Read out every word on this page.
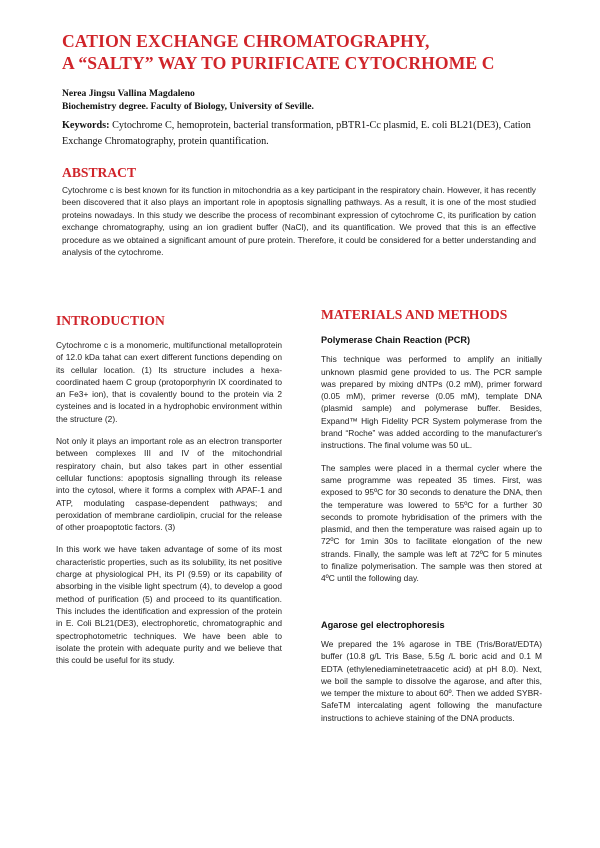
CATION EXCHANGE CHROMATOGRAPHY,
A “SALTY” WAY TO PURIFICATE CYTOCRHOME C
Nerea Jingsu Vallina Magdaleno
Biochemistry degree. Faculty of Biology, University of Seville.
Keywords: Cytochrome C, hemoprotein, bacterial transformation, pBTR1-Cc plasmid, E. coli BL21(DE3), Cation Exchange Chromatography, protein quantification.
ABSTRACT

Cytochrome c is best known for its function in mitochondria as a key participant in the respiratory chain. However, it has recently been discovered that it also plays an important role in apoptosis signalling pathways. As a result, it is one of the most studied proteins nowadays. In this study we describe the process of recombinant expression of cytochrome C, its purification by cation exchange chromatography, using an ion gradient buffer (NaCl), and its quantification. We proved that this is an effective procedure as we obtained a significant amount of pure protein. Therefore, it could be considered for a better understanding and analysis of the cytochrome.

INTRODUCTION

Cytochrome c is a monomeric, multifunctional metalloprotein of 12.0 kDa tahat can exert different functions depending on its cellular location. (1) Its structure includes a hexa-coordinated haem C group (protoporphyrin IX coordinated to an Fe3+ ion), that is covalently bound to the protein via 2 cysteines and is located in a hydrophobic environment within the structure (2).

Not only it plays an important role as an electron transporter between complexes III and IV of the mitochondrial respiratory chain, but also takes part in other essential cellular functions: apoptosis signalling through its release into the cytosol, where it forms a complex with APAF-1 and ATP, modulating caspase-dependent pathways; and peroxidation of membrane cardiolipin, crucial for the release of other proapoptotic factors. (3)

In this work we have taken advantage of some of its most characteristic properties, such as its solubility, its net positive charge at physiological PH, its PI (9.59) or its capability of absorbing in the visible light spectrum (4), to develop a good method of purification (5) and proceed to its quantification. This includes the identification and expression of the protein in E. Coli BL21(DE3), electrophoretic, chromatographic and spectrophotometric techniques. We have been able to isolate the protein with adequate purity and we believe that this could be useful for its study.

MATERIALS AND METHODS
Polymerase Chain Reaction (PCR)

This technique was performed to amplify an initially unknown plasmid gene provided to us. The PCR sample was prepared by mixing dNTPs (0.2 mM), primer forward (0.05 mM), primer reverse (0.05 mM), template DNA (plasmid sample) and polymerase buffer. Besides, Expand™ High Fidelity PCR System polymerase from the brand “Roche” was added according to the manufacturer's instructions. The final volume was 50 uL.

The samples were placed in a thermal cycler where the same programme was repeated 35 times. First, was exposed to 95ºC for 30 seconds to denature the DNA, then the temperature was lowered to 55ºC for a further 30 seconds to promote hybridisation of the primers with the plasmid, and then the temperature was raised again up to 72ºC for 1min 30s to facilitate elongation of the new strands. Finally, the sample was left at 72ºC for 5 minutes to finalize polymerisation. The sample was then stored at 4ºC until the following day.

Agarose gel electrophoresis

We prepared the 1% agarose in TBE (Tris/Borat/EDTA) buffer (10.8 g/L Tris Base, 5.5g /L boric acid and 0.1 M EDTA (ethylenediaminetetraacetic acid) at pH 8.0). Next, we boil the sample to dissolve the agarose, and after this, we temper the mixture to about 60º. Then we added SYBR-SafeTM intercalating agent following the manufacture instructions to achieve staining of the DNA products.
